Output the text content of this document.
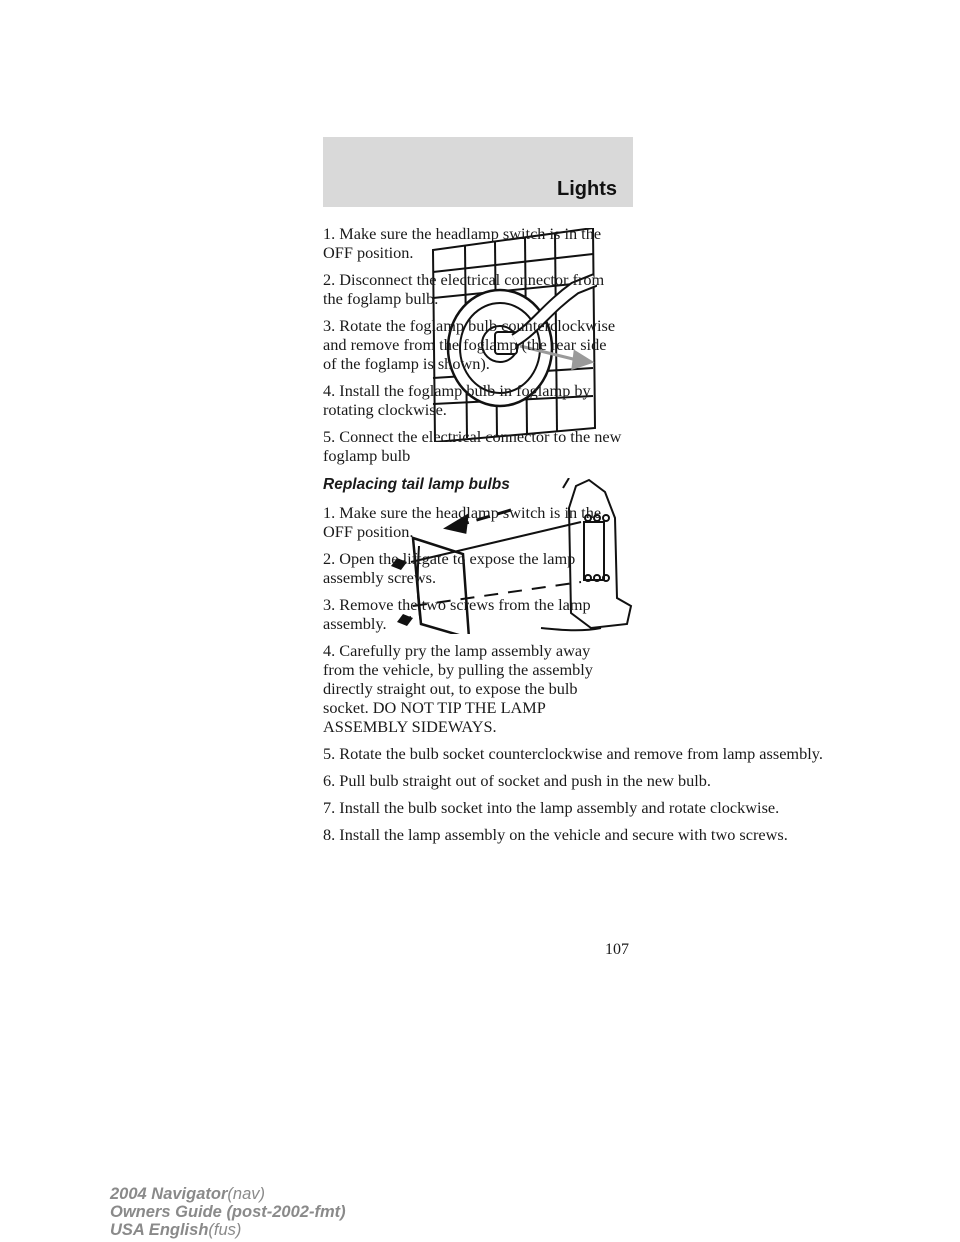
Lights

1. Make sure the headlamp switch is in the OFF position.

2. Disconnect the electrical connector from the foglamp bulb.

3. Rotate the foglamp bulb counterclockwise and remove from the foglamp (the rear side of the foglamp is shown).

4. Install the foglamp bulb in foglamp by rotating clockwise.

5. Connect the electrical connector to the new foglamp bulb

Replacing tail lamp bulbs

1. Make sure the headlamp switch is in the OFF position.

2. Open the liftgate to expose the lamp assembly screws.

3. Remove the two screws from the lamp assembly.

4. Carefully pry the lamp assembly away from the vehicle, by pulling the assembly directly straight out, to expose the bulb socket. DO NOT TIP THE LAMP ASSEMBLY SIDEWAYS.

5. Rotate the bulb socket counterclockwise and remove from lamp assembly.

6. Pull bulb straight out of socket and push in the new bulb.

7. Install the bulb socket into the lamp assembly and rotate clockwise.

8. Install the lamp assembly on the vehicle and secure with two screws.

107
2004 Navigator(nav)
Owners Guide (post-2002-fmt)
USA English(fus)
